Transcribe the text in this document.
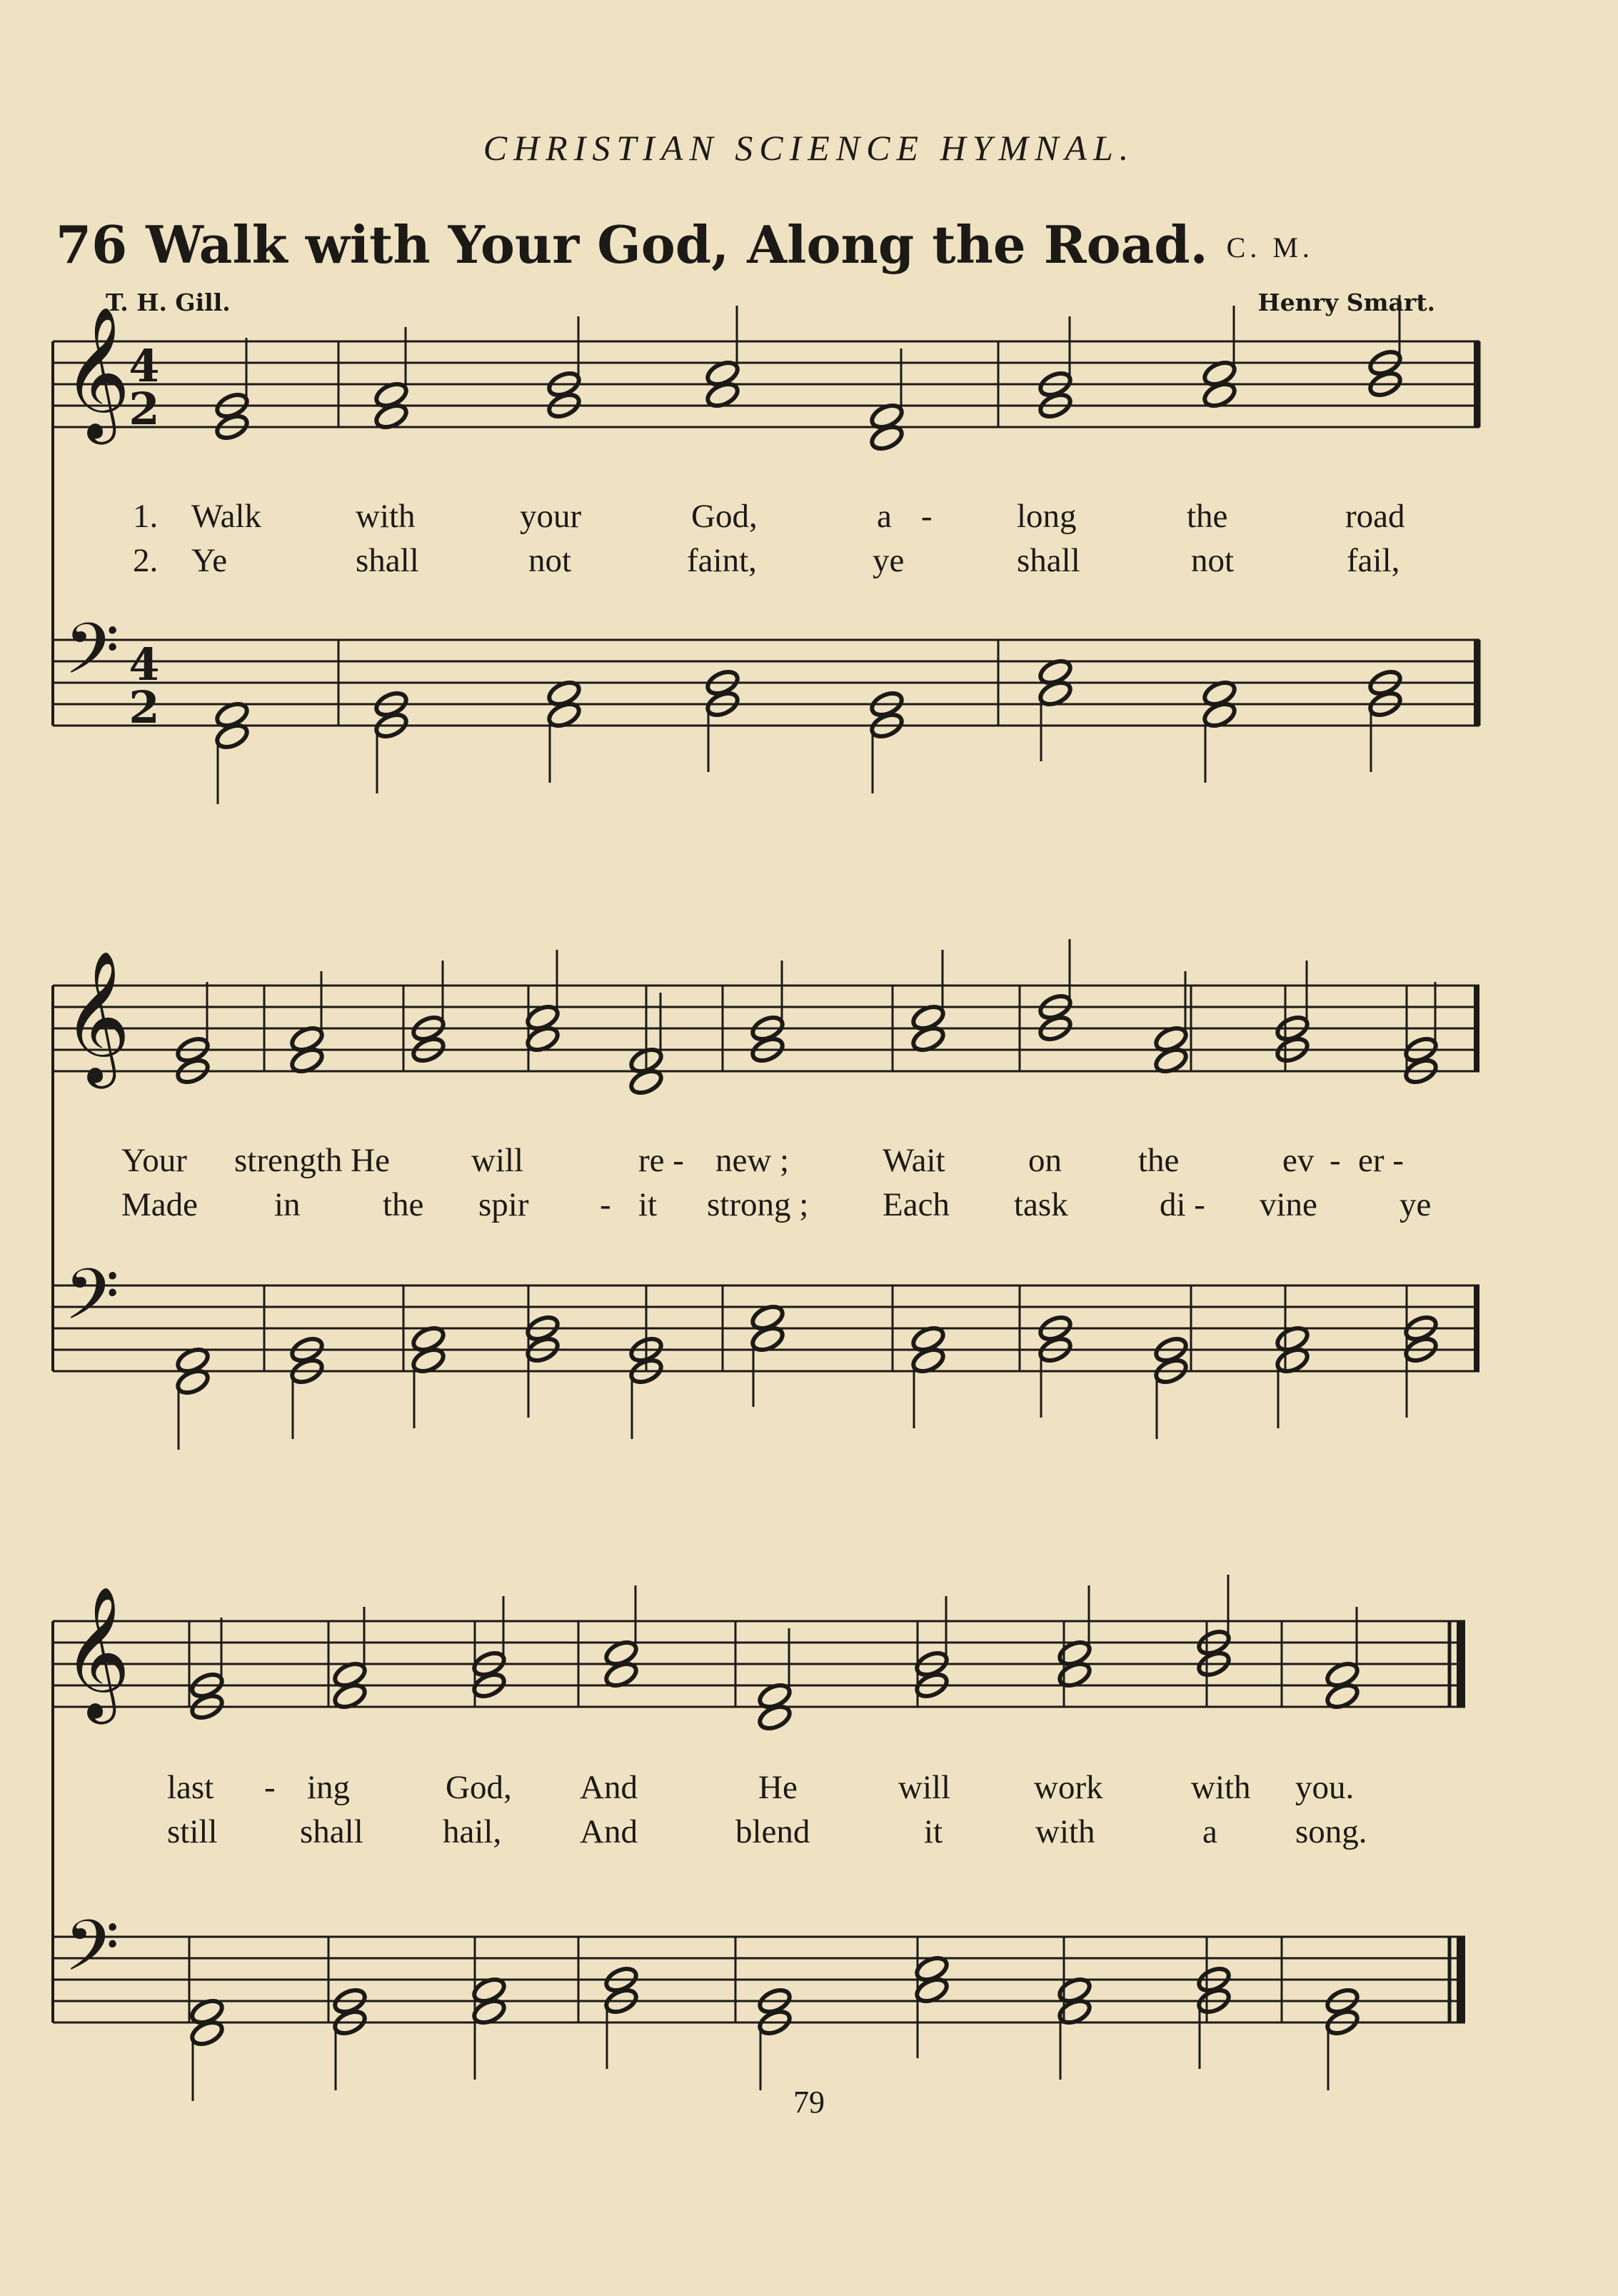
CHRISTIAN SCIENCE HYMNAL.
76 Walk with Your God, Along the Road. C. M.
T. H. Gill.	Henry Smart.
𝄞
𝄢
4
2
4
2
𝄞
𝄢
𝄞
𝄢
1. Walk	with	your	God,	a -	long	the	road
2. Ye	shall	not	faint,	ye	shall	not	fail,
Your strength He will	re - new ;	Wait on the	ev - er -
Made in the spir - it strong ; Each task	di - vine ye
last - ing	God, And	He	will work	with you.
still shall hail, And	blend	it	with	a song.
79
